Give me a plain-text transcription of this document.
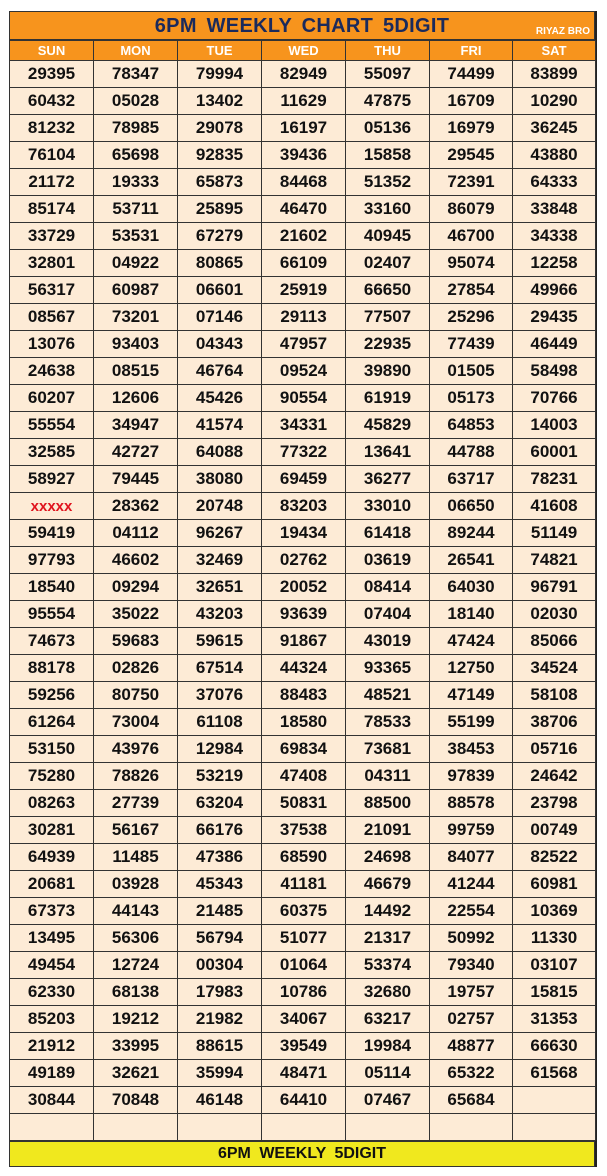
6PM WEEKLY CHART 5DIGIT	RIYAZ BRO
SUN	MON	TUE	WED	THU	FRI	SAT
29395	78347	79994	82949	55097	74499	83899
60432	05028	13402	11629	47875	16709	10290
81232	78985	29078	16197	05136	16979	36245
76104	65698	92835	39436	15858	29545	43880
21172	19333	65873	84468	51352	72391	64333
85174	53711	25895	46470	33160	86079	33848
33729	53531	67279	21602	40945	46700	34338
32801	04922	80865	66109	02407	95074	12258
56317	60987	06601	25919	66650	27854	49966
08567	73201	07146	29113	77507	25296	29435
13076	93403	04343	47957	22935	77439	46449
24638	08515	46764	09524	39890	01505	58498
60207	12606	45426	90554	61919	05173	70766
55554	34947	41574	34331	45829	64853	14003
32585	42727	64088	77322	13641	44788	60001
58927	79445	38080	69459	36277	63717	78231
xxxxx	28362	20748	83203	33010	06650	41608
59419	04112	96267	19434	61418	89244	51149
97793	46602	32469	02762	03619	26541	74821
18540	09294	32651	20052	08414	64030	96791
95554	35022	43203	93639	07404	18140	02030
74673	59683	59615	91867	43019	47424	85066
88178	02826	67514	44324	93365	12750	34524
59256	80750	37076	88483	48521	47149	58108
61264	73004	61108	18580	78533	55199	38706
53150	43976	12984	69834	73681	38453	05716
75280	78826	53219	47408	04311	97839	24642
08263	27739	63204	50831	88500	88578	23798
30281	56167	66176	37538	21091	99759	00749
64939	11485	47386	68590	24698	84077	82522
20681	03928	45343	41181	46679	41244	60981
67373	44143	21485	60375	14492	22554	10369
13495	56306	56794	51077	21317	50992	11330
49454	12724	00304	01064	53374	79340	03107
62330	68138	17983	10786	32680	19757	15815
85203	19212	21982	34067	63217	02757	31353
21912	33995	88615	39549	19984	48877	66630
49189	32621	35994	48471	05114	65322	61568
30844	70848	46148	64410	07467	65684	

6PM WEEKLY 5DIGIT
